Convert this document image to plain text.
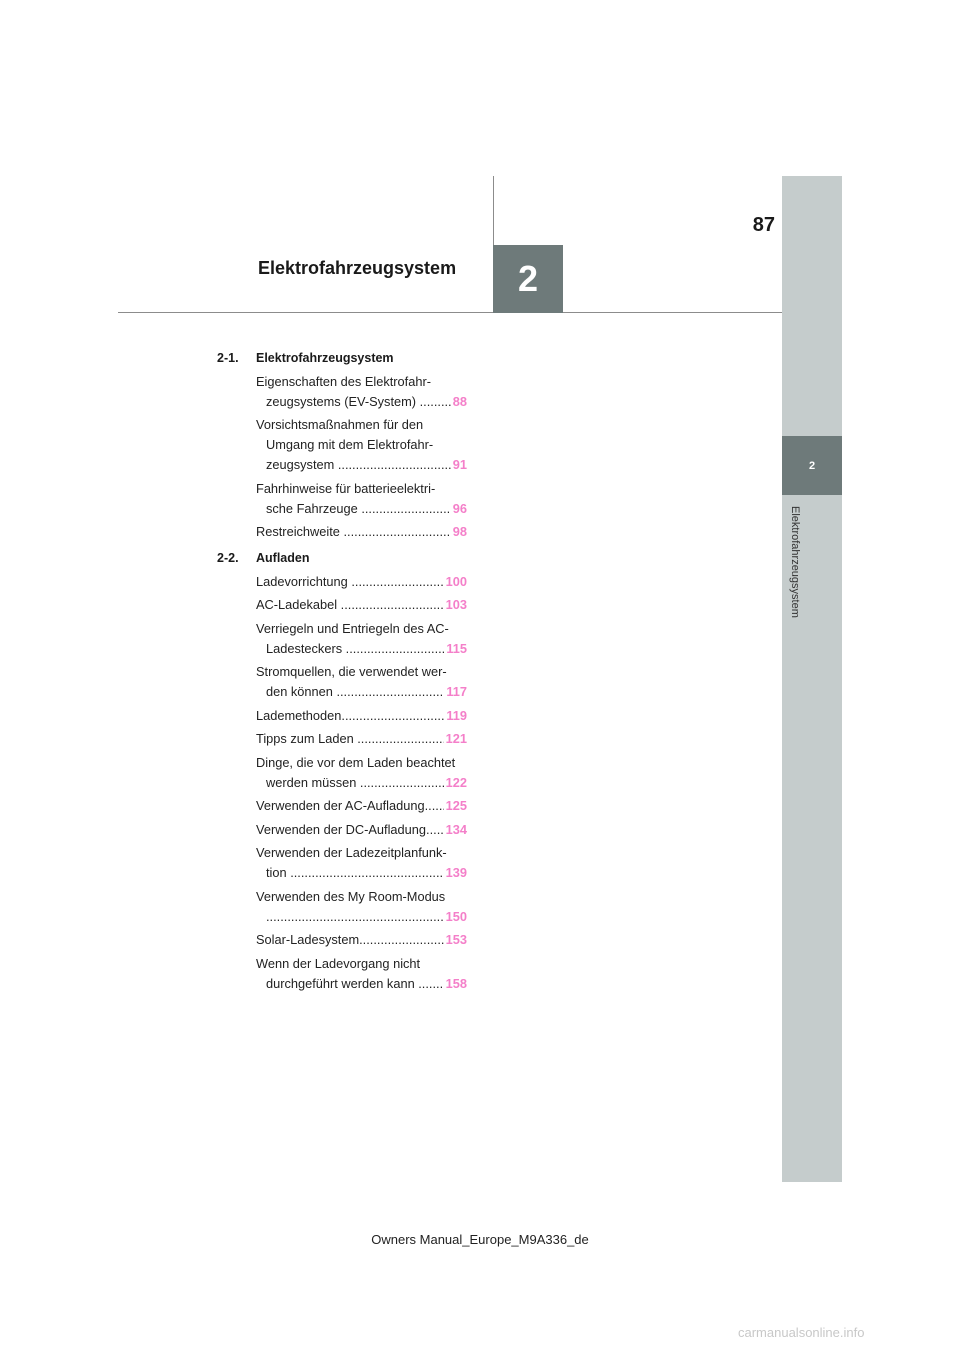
87
Elektrofahrzeugsystem	2
2
Elektrofahrzeugsystem
2-1.	Elektrofahrzeugsystem
Eigenschaften des Elektrofahr-
zeugsystems (EV-System) ..... ..... 88
Vorsichtsmaßnahmen für den
Umgang mit dem Elektrofahr-
zeugsystem ............................ ..... 91
Fahrhinweise für batterieelektri-
sche Fahrzeuge ..................... ..... 96
Restreichweite .......................... ..... 98
2-2.	Aufladen
Ladevorrichtung ..................... ..... 100
AC-Ladekabel ........................ ..... 103
Verriegeln und Entriegeln des AC-
Ladesteckers ....................... ..... 115
Stromquellen, die verwendet wer-
den können ......................... ..... 117
Lademethoden....................... ..... 119
Tipps zum Laden ................... ..... 121
Dinge, die vor dem Laden beachtet
werden müssen ................... ..... 122
Verwenden der AC-Aufladung ..... 125
Verwenden der DC-Aufladung ..... 134
Verwenden der Ladezeitplanfunk-
tion ...................................... ..... 139
Verwenden des My Room-Modus
............................................ ..... 150
Solar-Ladesystem.................. ..... 153
Wenn der Ladevorgang nicht
durchgeführt werden kann .. ..... 158
Owners Manual_Europe_M9A336_de
carmanualsonline.info
